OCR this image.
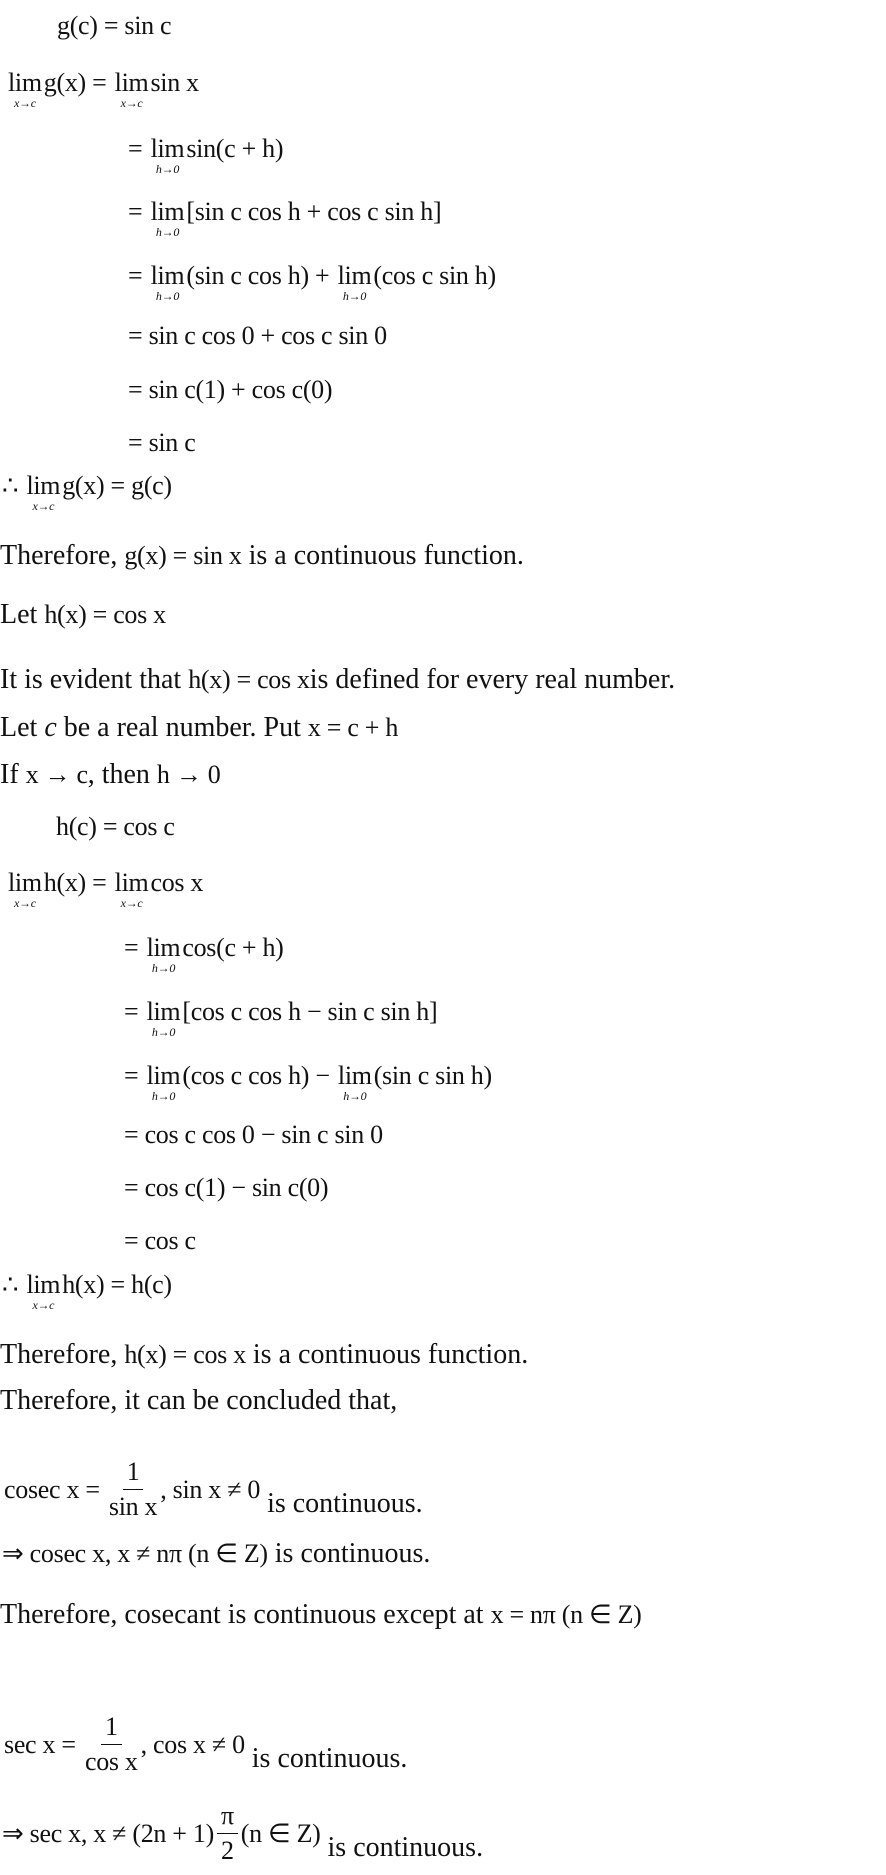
g(c) = sin c
lim
x→c
g(x) = lim
x→c
sin x
= lim
h→0
sin(c + h)
= lim
h→0
[sin c cos h + cos c sin h]
= lim
h→0
(sin c cos h) + lim
h→0
(cos c sin h)
= sin c cos 0 + cos c sin 0
= sin c(1) + cos c(0)
= sin c
∴ lim
x→c
g(x) = g(c)
Therefore, g(x) = sin x is a continuous function.
Let h(x) = cos x
It is evident that h(x) = cos x is defined for every real number.
Let c be a real number. Put x = c + h
If x → c , then h → 0
h(c) = cos c
lim
x→c
h(x) = lim
x→c
cos x
= lim
h→0
cos(c + h)
= lim
h→0
[cos c cos h − sin c sin h]
= lim
h→0
(cos c cos h) − lim
h→0
(sin c sin h)
= cos c cos 0 − sin c sin 0
= cos c(1) − sin c(0)
= cos c
∴ lim
x→c
h(x) = h(c)
Therefore, h(x) = cos x is a continuous function.
Therefore, it can be concluded that,
cosec $x = \frac{1}{\text{sin x}}$ , sin x ≠ 0 is continuous.
⇒ cosec x, x ≠ nπ (n ∈ Z) is continuous.
Therefore, cosecant is continuous except at x = nπ (n ∈ Z)
$\sec x = \frac{1}{\text{cos x}}$ , cos x ≠ 0 is continuous.
⇒ sec x, $x \ne (2n + 1) \frac{\pi}{2} (n$ ∈ Z) is continuous.
